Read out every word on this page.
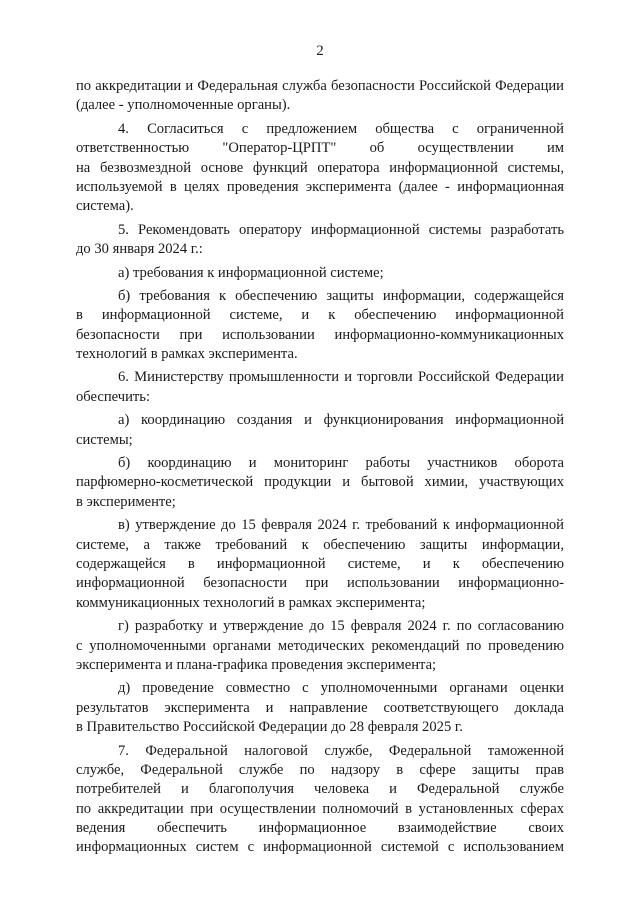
2
по аккредитации и Федеральная служба безопасности Российской Федерации
(далее - уполномоченные органы).
4. Согласиться с предложением общества с ограниченной
ответственностью "Оператор-ЦРПТ" об осуществлении им
на безвозмездной основе функций оператора информационной системы,
используемой в целях проведения эксперимента (далее - информационная
система).
5. Рекомендовать оператору информационной системы разработать
до 30 января 2024 г.:
а) требования к информационной системе;
б) требования к обеспечению защиты информации, содержащейся
в информационной системе, и к обеспечению информационной
безопасности при использовании информационно-коммуникационных
технологий в рамках эксперимента.
6. Министерству промышленности и торговли Российской Федерации
обеспечить:
а) координацию создания и функционирования информационной
системы;
б) координацию и мониторинг работы участников оборота
парфюмерно-косметической продукции и бытовой химии, участвующих
в эксперименте;
в) утверждение до 15 февраля 2024 г. требований к информационной
системе, а также требований к обеспечению защиты информации,
содержащейся в информационной системе, и к обеспечению
информационной безопасности при использовании информационно-
коммуникационных технологий в рамках эксперимента;
г) разработку и утверждение до 15 февраля 2024 г. по согласованию
с уполномоченными органами методических рекомендаций по проведению
эксперимента и плана-графика проведения эксперимента;
д) проведение совместно с уполномоченными органами оценки
результатов эксперимента и направление соответствующего доклада
в Правительство Российской Федерации до 28 февраля 2025 г.
7. Федеральной налоговой службе, Федеральной таможенной
службе, Федеральной службе по надзору в сфере защиты прав
потребителей и благополучия человека и Федеральной службе
по аккредитации при осуществлении полномочий в установленных сферах
ведения обеспечить информационное взаимодействие своих
информационных систем с информационной системой с использованием
